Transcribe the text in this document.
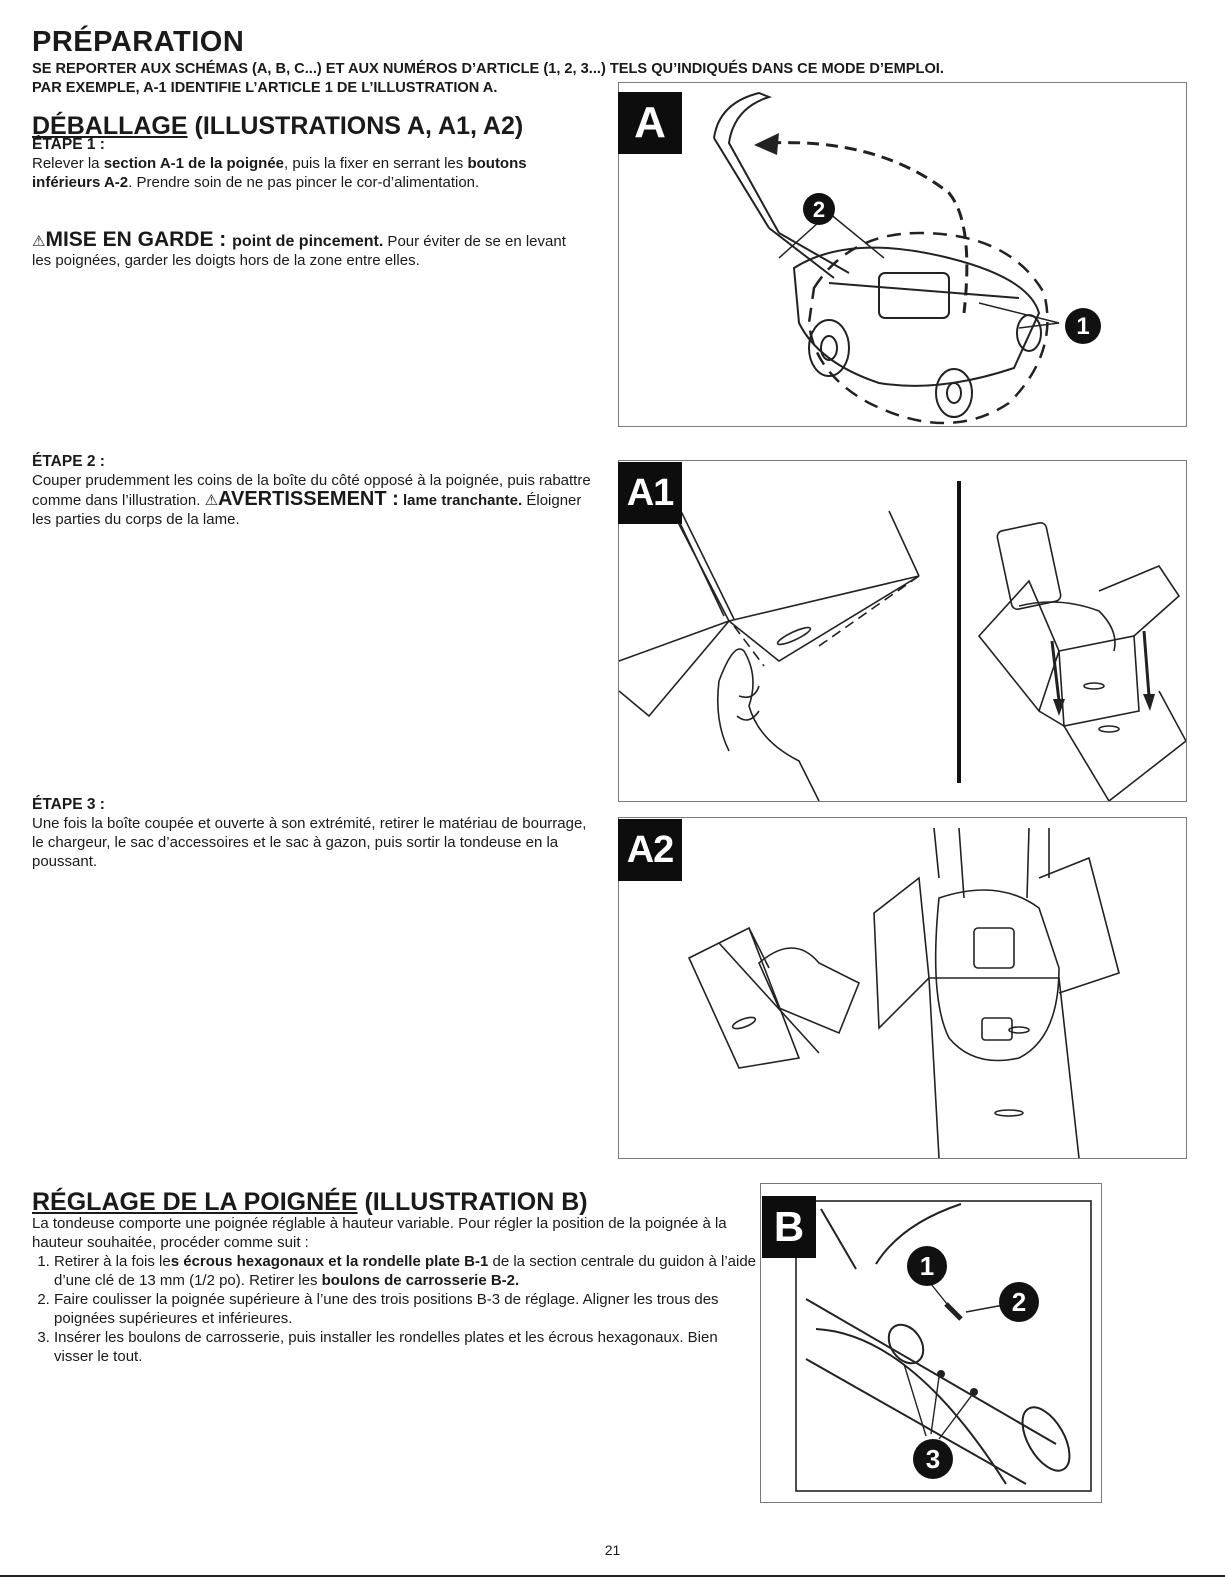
PRÉPARATION
SE REPORTER AUX SCHÉMAS (A, B, C...) ET AUX NUMÉROS D’ARTICLE (1, 2, 3...) TELS QU’INDIQUÉS DANS CE MODE D’EMPLOI.
PAR EXEMPLE, A-1 IDENTIFIE L’ARTICLE 1 DE L’ILLUSTRATION A.
DÉBALLAGE (ILLUSTRATIONS A, A1, A2)

ÉTAPE 1 :

Relever la section A-1 de la poignée, puis la fixer en serrant les boutons inférieurs A-2. Prendre soin de ne pas pincer le cor-d’alimentation.

⚠MISE EN GARDE : point de pincement. Pour éviter de se en levant les poignées, garder les doigts hors de la zone entre elles.

ÉTAPE 2 :

Couper prudemment les coins de la boîte du côté opposé à la poignée, puis rabattre comme dans l’illustration. ⚠AVERTISSEMENT : lame tranchante. Éloigner les parties du corps de la lame.

ÉTAPE 3 :

Une fois la boîte coupée et ouverte à son extrémité, retirer le matériau de bourrage, le chargeur, le sac d’accessoires et le sac à gazon, puis sortir la tondeuse en la poussant.

RÉGLAGE DE LA POIGNÉE (ILLUSTRATION B)

La tondeuse comporte une poignée réglable à hauteur variable. Pour régler la position de la poignée à la hauteur souhaitée, procéder comme suit :

1. Retirer à la fois les écrous hexagonaux et la rondelle plate B-1 de la section centrale du guidon à l’aide d’une clé de 13 mm (1/2 po). Retirer les boulons de carrosserie B-2.
2. Faire coulisser la poignée supérieure à l’une des trois positions B-3 de réglage. Aligner les trous des poignées supérieures et inférieures.
3. Insérer les boulons de carrosserie, puis installer les rondelles plates et les écrous hexagonaux. Bien visser le tout.
2
1
A
A1
A2
1
2
3
B
21
